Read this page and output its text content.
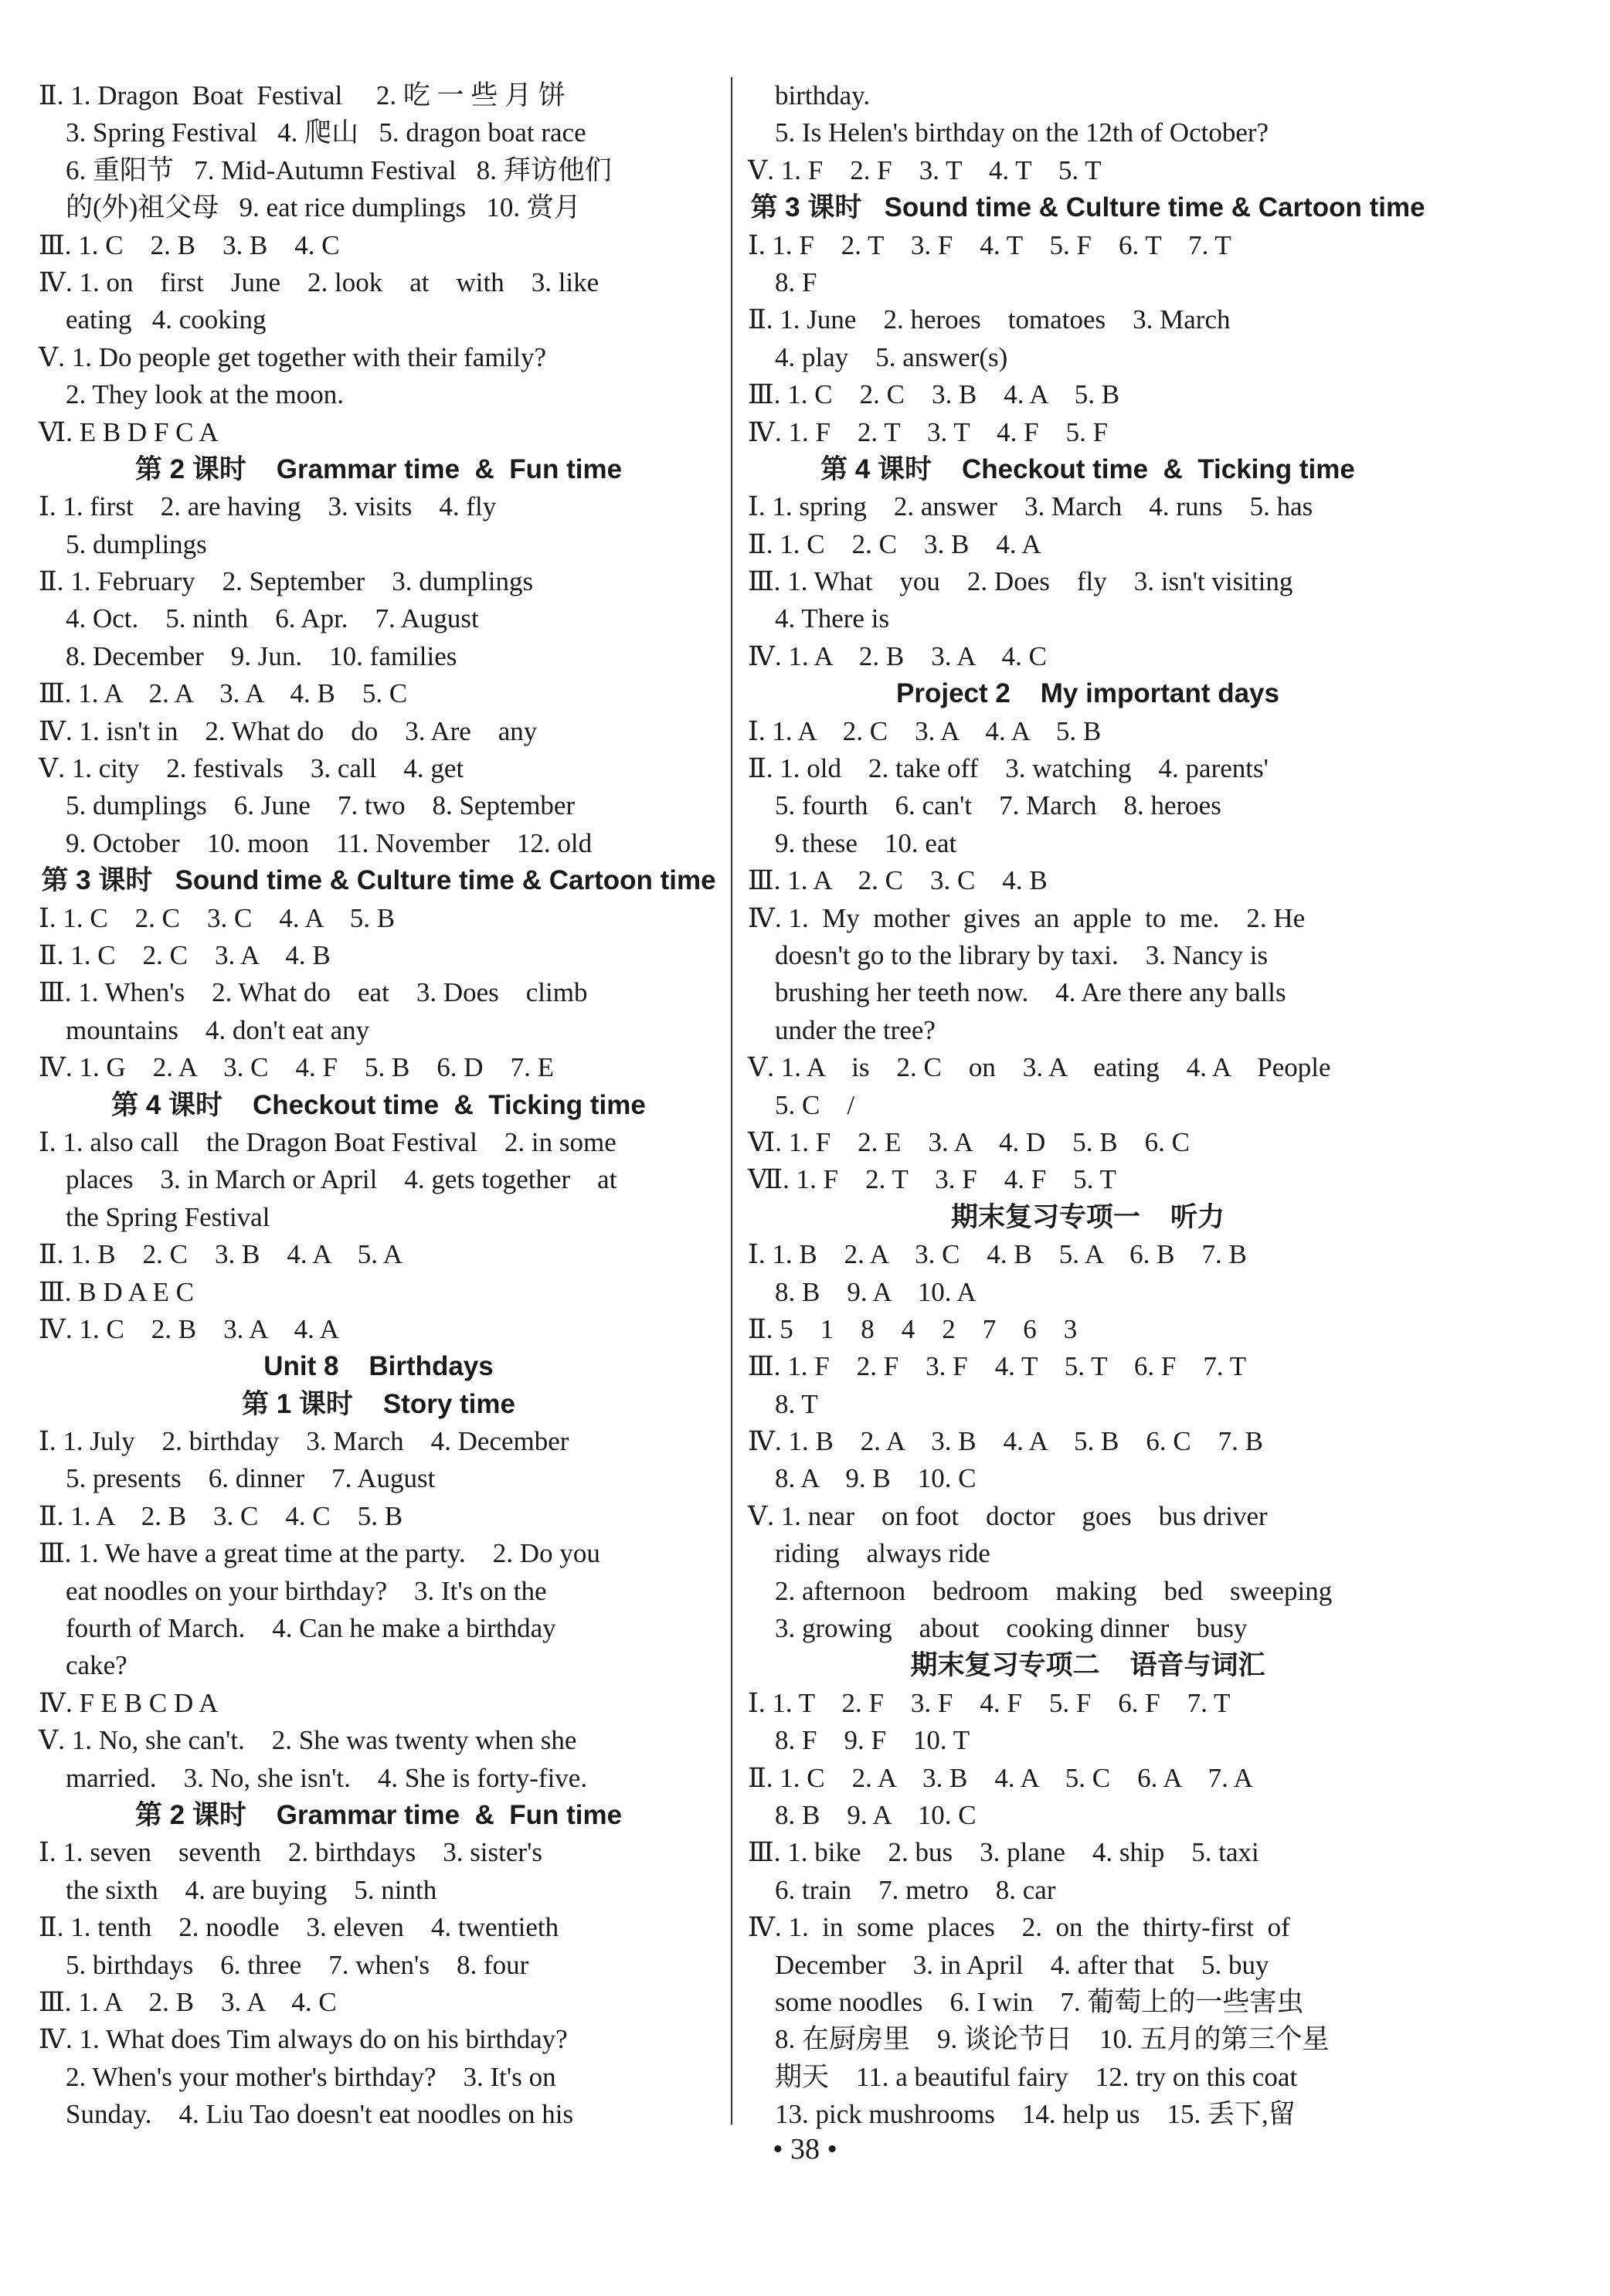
Ⅱ. 1. Dragon  Boat  Festival     2. 吃 一 些 月 饼
3. Spring Festival   4. 爬山   5. dragon boat race
6. 重阳节   7. Mid-Autumn Festival   8. 拜访他们
的(外)祖父母   9. eat rice dumplings   10. 赏月
Ⅲ. 1. C    2. B    3. B    4. C
Ⅳ. 1. on    first    June    2. look    at    with    3. like
eating   4. cooking
Ⅴ. 1. Do people get together with their family?
2. They look at the moon.
Ⅵ. E B D F C A
第 2 课时    Grammar time  &  Fun time
Ⅰ. 1. first    2. are having    3. visits    4. fly
5. dumplings
Ⅱ. 1. February    2. September    3. dumplings
4. Oct.    5. ninth    6. Apr.    7. August
8. December    9. Jun.    10. families
Ⅲ. 1. A    2. A    3. A    4. B    5. C
Ⅳ. 1. isn't in    2. What do    do    3. Are    any
Ⅴ. 1. city    2. festivals    3. call    4. get
5. dumplings    6. June    7. two    8. September
9. October    10. moon    11. November    12. old
第 3 课时   Sound time & Culture time & Cartoon time
Ⅰ. 1. C    2. C    3. C    4. A    5. B
Ⅱ. 1. C    2. C    3. A    4. B
Ⅲ. 1. When's    2. What do    eat    3. Does    climb
mountains    4. don't eat any
Ⅳ. 1. G    2. A    3. C    4. F    5. B    6. D    7. E
第 4 课时    Checkout time  &  Ticking time
Ⅰ. 1. also call    the Dragon Boat Festival    2. in some
places    3. in March or April    4. gets together    at
the Spring Festival
Ⅱ. 1. B    2. C    3. B    4. A    5. A
Ⅲ. B D A E C
Ⅳ. 1. C    2. B    3. A    4. A
Unit 8    Birthdays
第 1 课时    Story time
Ⅰ. 1. July    2. birthday    3. March    4. December
5. presents    6. dinner    7. August
Ⅱ. 1. A    2. B    3. C    4. C    5. B
Ⅲ. 1. We have a great time at the party.    2. Do you
eat noodles on your birthday?    3. It's on the
fourth of March.    4. Can he make a birthday
cake?
Ⅳ. F E B C D A
Ⅴ. 1. No, she can't.    2. She was twenty when she
married.    3. No, she isn't.    4. She is forty-five.
第 2 课时    Grammar time  &  Fun time
Ⅰ. 1. seven    seventh    2. birthdays    3. sister's
the sixth    4. are buying    5. ninth
Ⅱ. 1. tenth    2. noodle    3. eleven    4. twentieth
5. birthdays    6. three    7. when's    8. four
Ⅲ. 1. A    2. B    3. A    4. C
Ⅳ. 1. What does Tim always do on his birthday?
2. When's your mother's birthday?    3. It's on
Sunday.    4. Liu Tao doesn't eat noodles on his
birthday.
5. Is Helen's birthday on the 12th of October?
Ⅴ. 1. F    2. F    3. T    4. T    5. T
第 3 课时   Sound time & Culture time & Cartoon time
Ⅰ. 1. F    2. T    3. F    4. T    5. F    6. T    7. T
8. F
Ⅱ. 1. June    2. heroes    tomatoes    3. March
4. play    5. answer(s)
Ⅲ. 1. C    2. C    3. B    4. A    5. B
Ⅳ. 1. F    2. T    3. T    4. F    5. F
第 4 课时    Checkout time  &  Ticking time
Ⅰ. 1. spring    2. answer    3. March    4. runs    5. has
Ⅱ. 1. C    2. C    3. B    4. A
Ⅲ. 1. What    you    2. Does    fly    3. isn't visiting
4. There is
Ⅳ. 1. A    2. B    3. A    4. C
Project 2    My important days
Ⅰ. 1. A    2. C    3. A    4. A    5. B
Ⅱ. 1. old    2. take off    3. watching    4. parents'
5. fourth    6. can't    7. March    8. heroes
9. these    10. eat
Ⅲ. 1. A    2. C    3. C    4. B
Ⅳ. 1.  My  mother  gives  an  apple  to  me.    2. He
doesn't go to the library by taxi.    3. Nancy is
brushing her teeth now.    4. Are there any balls
under the tree?
Ⅴ. 1. A    is    2. C    on    3. A    eating    4. A    People
5. C    /
Ⅵ. 1. F    2. E    3. A    4. D    5. B    6. C
Ⅶ. 1. F    2. T    3. F    4. F    5. T
期末复习专项一    听力
Ⅰ. 1. B    2. A    3. C    4. B    5. A    6. B    7. B
8. B    9. A    10. A
Ⅱ. 5    1    8    4    2    7    6    3
Ⅲ. 1. F    2. F    3. F    4. T    5. T    6. F    7. T
8. T
Ⅳ. 1. B    2. A    3. B    4. A    5. B    6. C    7. B
8. A    9. B    10. C
Ⅴ. 1. near    on foot    doctor    goes    bus driver
riding    always ride
2. afternoon    bedroom    making    bed    sweeping
3. growing    about    cooking dinner    busy
期末复习专项二    语音与词汇
Ⅰ. 1. T    2. F    3. F    4. F    5. F    6. F    7. T
8. F    9. F    10. T
Ⅱ. 1. C    2. A    3. B    4. A    5. C    6. A    7. A
8. B    9. A    10. C
Ⅲ. 1. bike    2. bus    3. plane    4. ship    5. taxi
6. train    7. metro    8. car
Ⅳ. 1.  in  some  places    2.  on  the  thirty-first  of
December    3. in April    4. after that    5. buy
some noodles    6. I win    7. 葡萄上的一些害虫
8. 在厨房里    9. 谈论节日    10. 五月的第三个星
期天    11. a beautiful fairy    12. try on this coat
13. pick mushrooms    14. help us    15. 丢下,留
• 38 •
